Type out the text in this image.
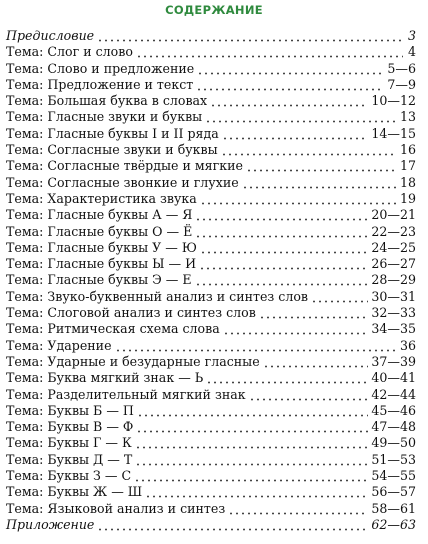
СОДЕРЖАНИЕ
Предисловие	3
Тема: Слог и слово	4
Тема: Слово и предложение	5—6
Тема: Предложение и текст	7—9
Тема: Большая буква в словах	10—12
Тема: Гласные звуки и буквы	13
Тема: Гласные буквы I и II ряда	14—15
Тема: Согласные звуки и буквы	16
Тема: Согласные твёрдые и мягкие	17
Тема: Согласные звонкие и глухие	18
Тема: Характеристика звука	19
Тема: Гласные буквы А — Я	20—21
Тема: Гласные буквы О — Ё	22—23
Тема: Гласные буквы У — Ю	24—25
Тема: Гласные буквы Ы — И	26—27
Тема: Гласные буквы Э — Е	28—29
Тема: Звуко-буквенный анализ и синтез слов	30—31
Тема: Слоговой анализ и синтез слов	32—33
Тема: Ритмическая схема слова	34—35
Тема: Ударение	36
Тема: Ударные и безударные гласные	37—39
Тема: Буква мягкий знак — Ь	40—41
Тема: Разделительный мягкий знак	42—44
Тема: Буквы Б — П	45—46
Тема: Буквы В — Ф	47—48
Тема: Буквы Г — К	49—50
Тема: Буквы Д — Т	51—53
Тема: Буквы З — С	54—55
Тема: Буквы Ж — Ш	56—57
Тема: Языковой анализ и синтез	58—61
Приложение	62—63
